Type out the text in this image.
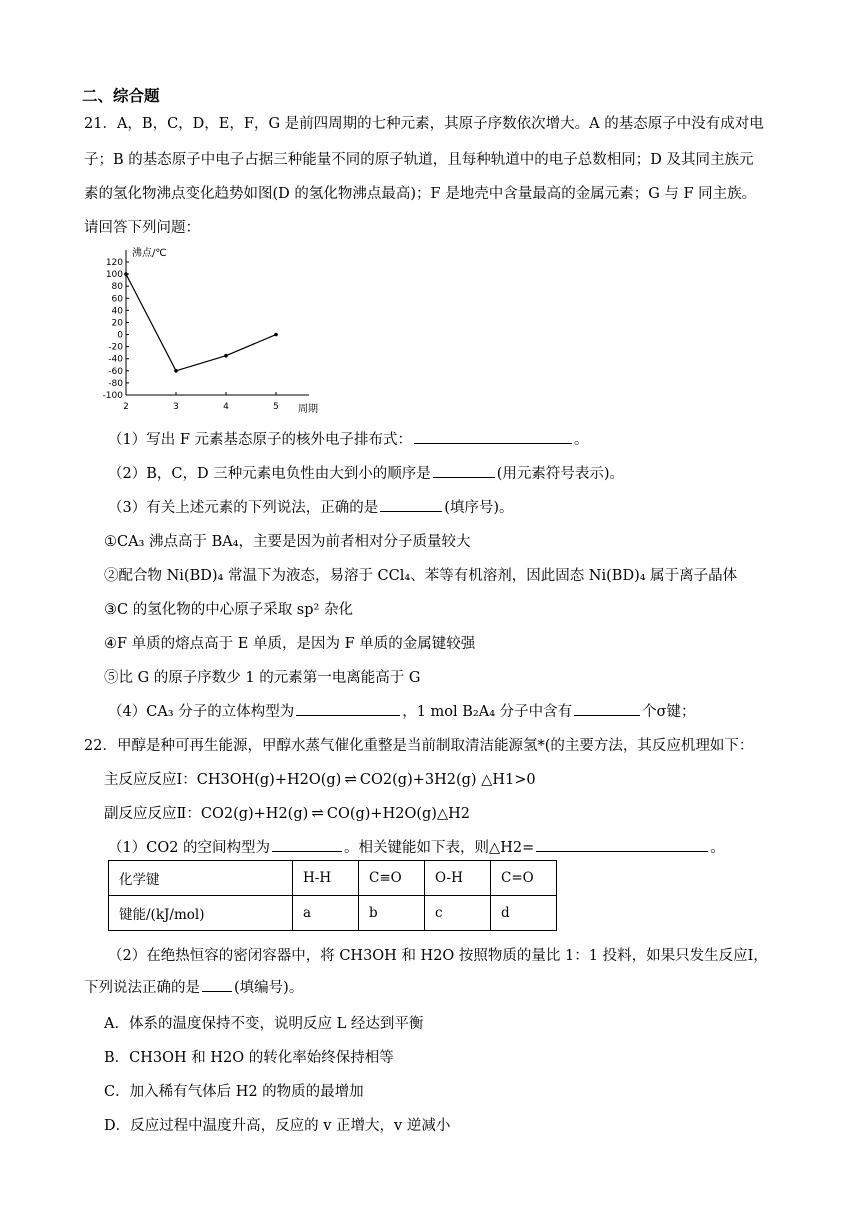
二、综合题
21．A，B，C，D，E，F，G 是前四周期的七种元素，其原子序数依次增大。A 的基态原子中没有成对电
子；B 的基态原子中电子占据三种能量不同的原子轨道，且每种轨道中的电子总数相同；D 及其同主族元
素的氢化物沸点变化趋势如图(D 的氢化物沸点最高)；F 是地壳中含量最高的金属元素；G 与 F 同主族。
请回答下列问题：
120
100
80
60
40
20
0
-20
-40
-60
-80
-100
2	3	4	5
沸点/℃
周期
（1）写出 F 元素基态原子的核外电子排布式：	。
（2）B，C，D 三种元素电负性由大到小的顺序是	(用元素符号表示)。
（3）有关上述元素的下列说法，正确的是	(填序号)。
①CA₃ 沸点高于 BA₄，主要是因为前者相对分子质量较大
②配合物 Ni(BD)₄ 常温下为液态，易溶于 CCl₄、苯等有机溶剂，因此固态 Ni(BD)₄ 属于离子晶体
③C 的氢化物的中心原子采取 sp² 杂化
④F 单质的熔点高于 E 单质，是因为 F 单质的金属键较强
⑤比 G 的原子序数少 1 的元素第一电离能高于 G
（4）CA₃ 分子的立体构型为	，1 mol B₂A₄ 分子中含有	个σ键；
22．甲醇是种可再生能源，甲醇水蒸气催化重整是当前制取清洁能源氢*(的主要方法，其反应机理如下：
主反应反应Ⅰ：CH3OH(g)+H2O(g) ⇌ CO2(g)+3H2(g) △H1>0
副反应反应Ⅱ：CO2(g)+H2(g) ⇌ CO(g)+H2O(g)△H2
（1）CO2 的空间构型为	。相关键能如下表，则△H2=	。
化学键	H-H	C≡O	O-H	C=O
键能/(kJ/mol)	a	b	c	d
（2）在绝热恒容的密闭容器中，将 CH3OH 和 H2O 按照物质的量比 1：1 投料，如果只发生反应Ⅰ，
下列说法正确的是 (填编号)。
A．体系的温度保持不变，说明反应 L 经达到平衡
B．CH3OH 和 H2O 的转化率始终保持相等
C．加入稀有气体后 H2 的物质的最增加
D．反应过程中温度升高，反应的 v 正增大，v 逆减小
